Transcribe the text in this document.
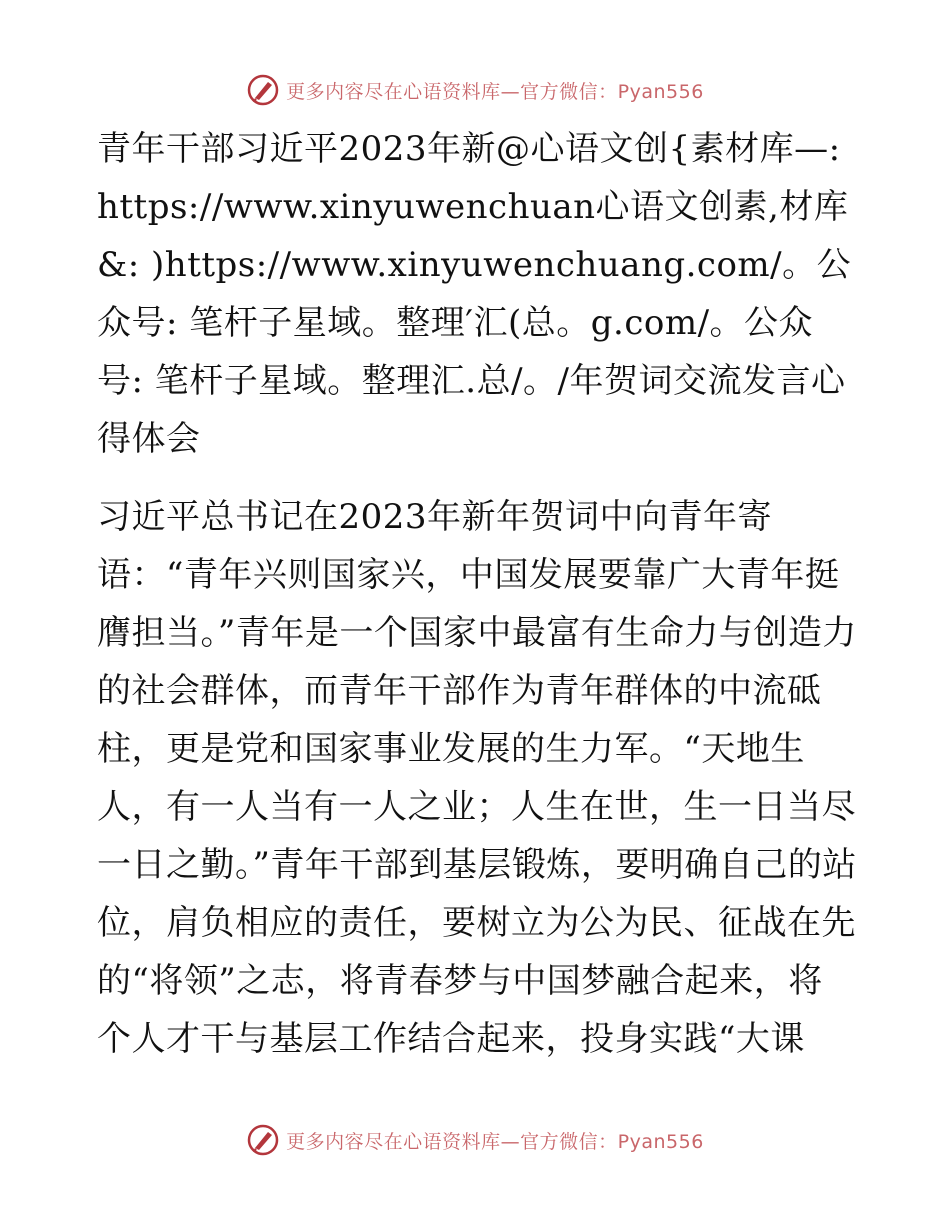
更多内容尽在心语资料库—官方微信：Pyan556

青年干部习近平2023年新@心语文创{素材库—:https://www.xinyuwenchuan心语文创素,材库&: )https://www.xinyuwenchuang.com/。公众号: 笔杆子星域。整理′汇(总。g.com/。公众号: 笔杆子星域。整理汇.总/。/年贺词交流发言心得体会

习近平总书记在2023年新年贺词中向青年寄语：“青年兴则国家兴，中国发展要靠广大青年挺膺担当。”青年是一个国家中最富有生命力与创造力的社会群体，而青年干部作为青年群体的中流砥柱，更是党和国家事业发展的生力军。“天地生人，有一人当有一人之业；人生在世，生一日当尽一日之勤。”青年干部到基层锻炼，要明确自己的站位，肩负相应的责任，要树立为公为民、征战在先的“将领”之志，将青春梦与中国梦融合起来，将个人才干与基层工作结合起来，投身实践“大课

更多内容尽在心语资料库—官方微信：Pyan556
